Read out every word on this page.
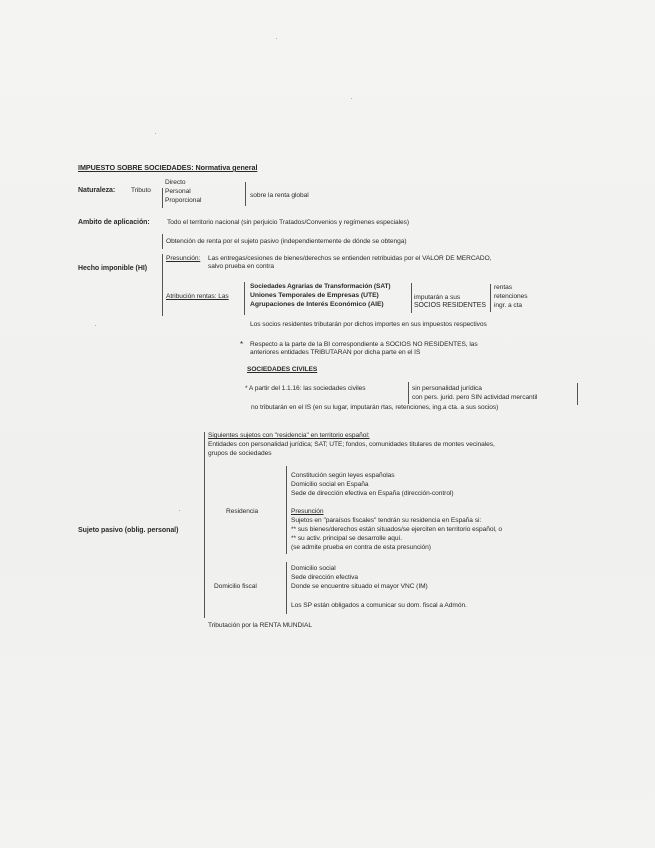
IMPUESTO SOBRE SOCIEDADES: Normativa general
Naturaleza: Tributo
Directo
Personal
Proporcional
sobre la renta global
Ambito de aplicación:	Todo el territorio nacional (sin perjuicio Tratados/Convenios y regímenes especiales)
Obtención de renta por el sujeto pasivo (independientemente de dónde se obtenga)
Hecho imponible (HI)
Presunción: Las entregas/cesiones de bienes/derechos se entienden retribuidas por el VALOR DE MERCADO,
salvo prueba en contra
Atribución rentas: Las
Sociedades Agrarias de Transformación (SAT)
Uniones Temporales de Empresas (UTE)
Agrupaciones de Interés Económico (AIE)
imputarán a sus
SOCIOS RESIDENTES
rentas
retenciones
ingr. a cta
Los socios residentes tributarán por dichos importes en sus impuestos respectivos
* Respecto a la parte de la BI correspondiente a SOCIOS NO RESIDENTES, las
anteriores entidades TRIBUTARAN por dicha parte en el IS
SOCIEDADES CIVILES
* A partir del 1.1.16: las sociedades civiles	sin personalidad jurídica
con pers. jurid. pero SIN actividad mercantil
no tributarán en el IS (en su lugar, imputarán rtas, retenciones, ing.a cta. a sus socios)
Siguientes sujetos con "residencia" en territorio español:
Entidades con personalidad jurídica; SAT; UTE; fondos, comunidades titulares de montes vecinales,
grupos de sociedades
Sujeto pasivo (oblig. personal)
Residencia
Constitución según leyes españolas
Domicilio social en España
Sede de dirección efectiva en España (dirección-control)
Presunción
Sujetos en "paraísos fiscales" tendrán su residencia en España si:
** sus bienes/derechos están situados/se ejerciten en territorio español, o
** su activ. principal se desarrolle aquí.
(se admite prueba en contra de esta presunción)
Domicilio fiscal
Domicilio social
Sede dirección efectiva
Donde se encuentre situado el mayor VNC (IM)
Los SP están obligados a comunicar su dom. fiscal a Admón.
Tributación por la RENTA MUNDIAL
